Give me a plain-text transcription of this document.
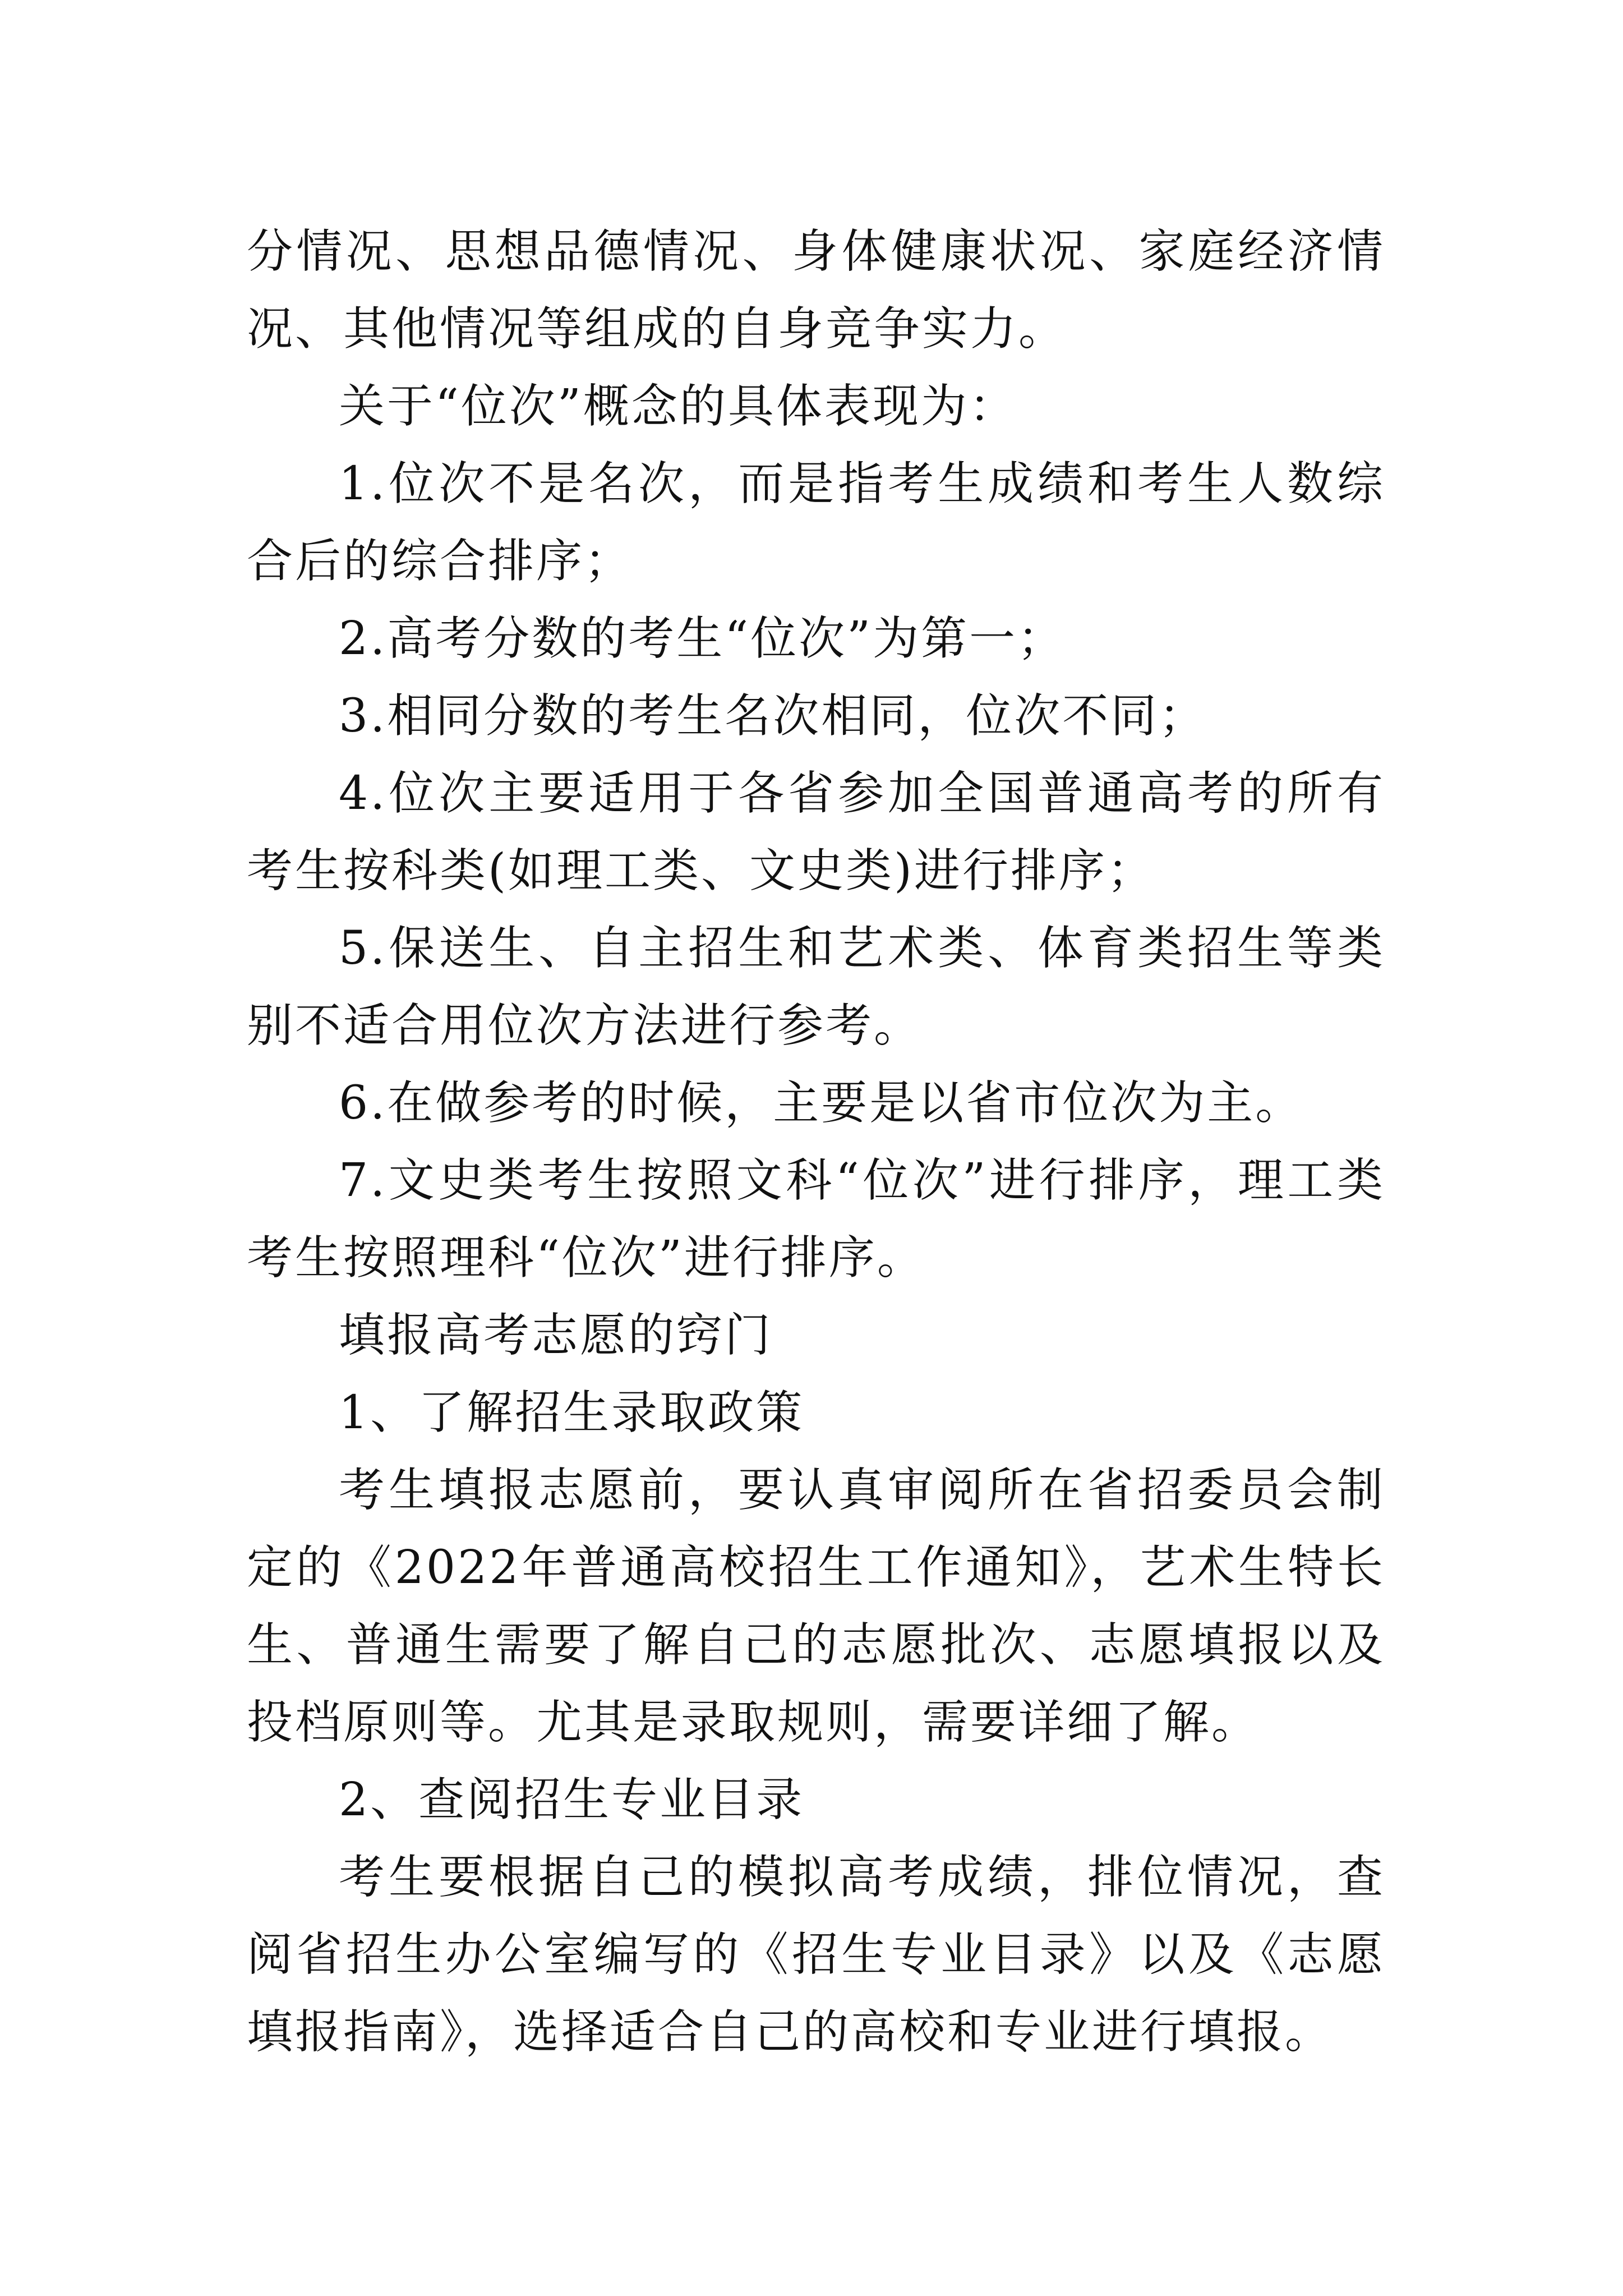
分情况、思想品德情况、身体健康状况、家庭经济情况、其他情况等组成的自身竞争实力。

关于“位次”概念的具体表现为：

1.位次不是名次，而是指考生成绩和考生人数综合后的综合排序；

2.高考分数的考生“位次”为第一；

3.相同分数的考生名次相同，位次不同；

4.位次主要适用于各省参加全国普通高考的所有考生按科类(如理工类、文史类)进行排序；

5.保送生、自主招生和艺术类、体育类招生等类别不适合用位次方法进行参考。

6.在做参考的时候，主要是以省市位次为主。

7.文史类考生按照文科“位次”进行排序，理工类考生按照理科“位次”进行排序。

填报高考志愿的窍门

1、了解招生录取政策

考生填报志愿前，要认真审阅所在省招委员会制定的《2022年普通高校招生工作通知》，艺术生特长生、普通生需要了解自己的志愿批次、志愿填报以及投档原则等。尤其是录取规则，需要详细了解。

2、查阅招生专业目录

考生要根据自己的模拟高考成绩，排位情况，查阅省招生办公室编写的《招生专业目录》以及《志愿填报指南》，选择适合自己的高校和专业进行填报。
